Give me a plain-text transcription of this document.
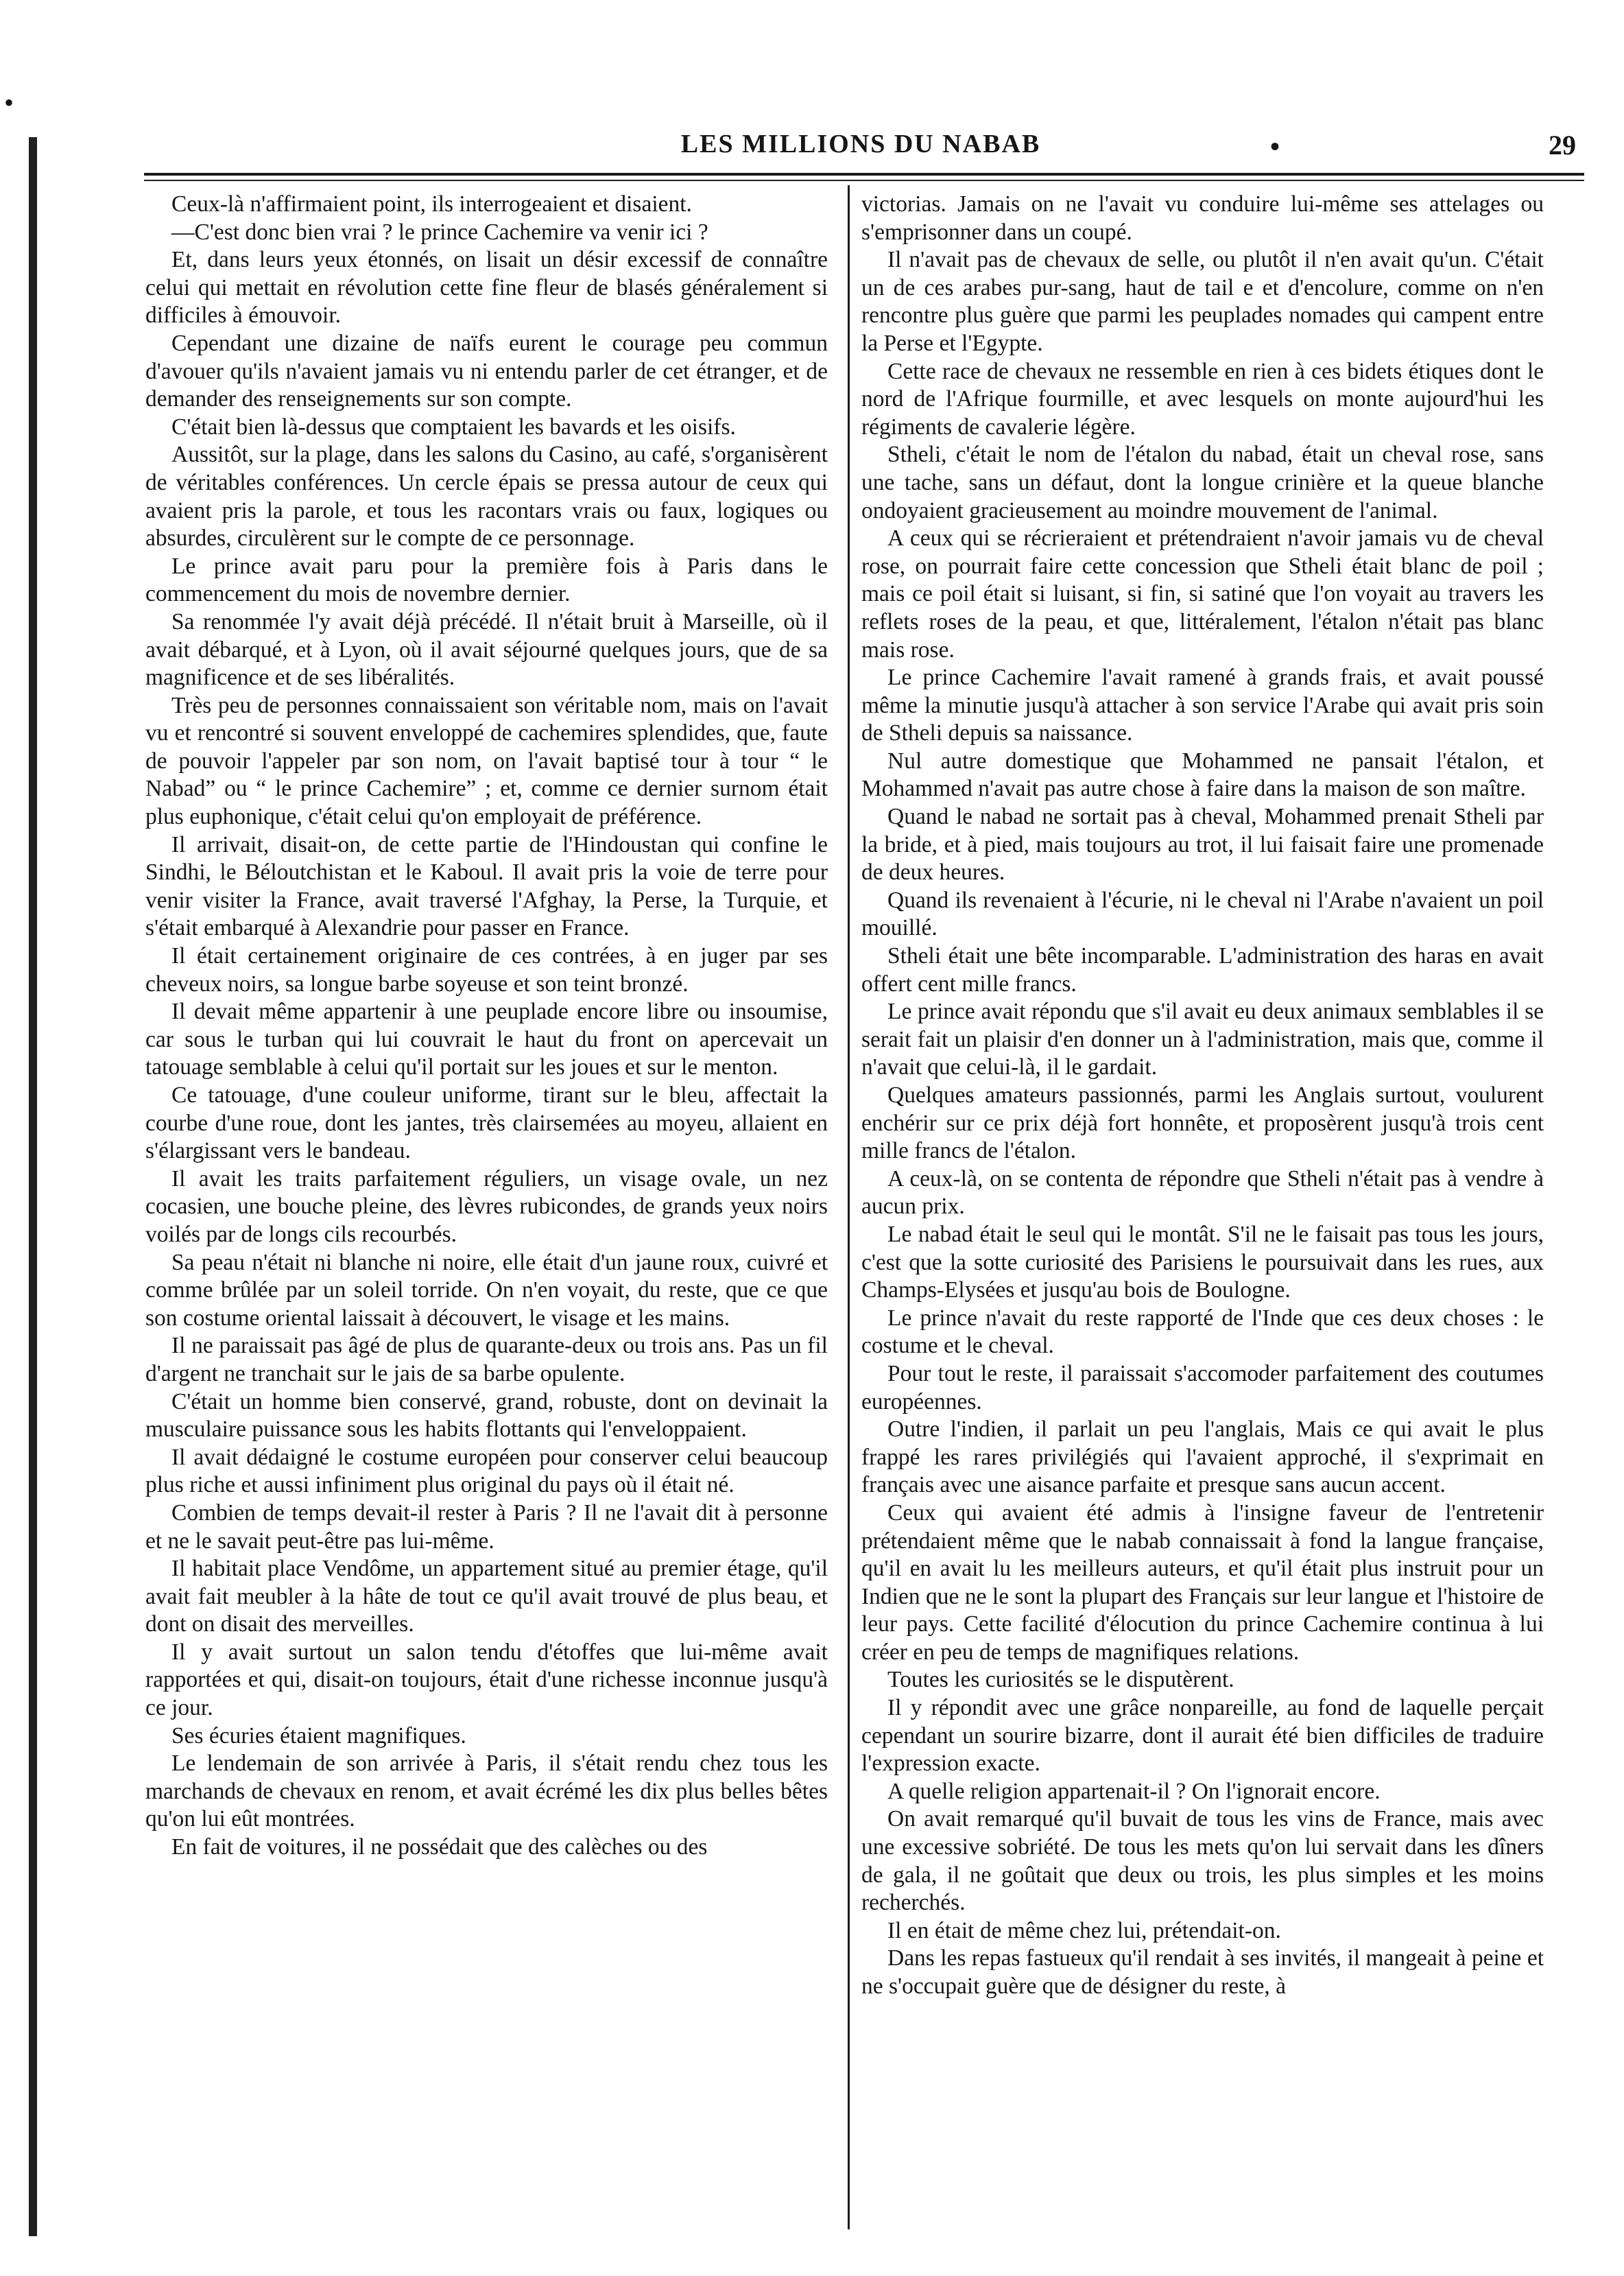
•
LES MILLIONS DU NABAB	•	29

Ceux-là n'affirmaient point, ils interrogeaient et disaient.

—C'est donc bien vrai ? le prince Cachemire va venir ici ?

Et, dans leurs yeux étonnés, on lisait un désir excessif de connaître celui qui mettait en révolution cette fine fleur de blasés généralement si difficiles à émouvoir.

Cependant une dizaine de naïfs eurent le courage peu commun d'avouer qu'ils n'avaient jamais vu ni entendu parler de cet étranger, et de demander des renseignements sur son compte.

C'était bien là-dessus que comptaient les bavards et les oisifs.

Aussitôt, sur la plage, dans les salons du Casino, au café, s'organisèrent de véritables conférences. Un cercle épais se pressa autour de ceux qui avaient pris la parole, et tous les racontars vrais ou faux, logiques ou absurdes, circulèrent sur le compte de ce personnage.

Le prince avait paru pour la première fois à Paris dans le commencement du mois de novembre dernier.

Sa renommée l'y avait déjà précédé. Il n'était bruit à Marseille, où il avait débarqué, et à Lyon, où il avait séjourné quelques jours, que de sa magnificence et de ses libéralités.

Très peu de personnes connaissaient son véritable nom, mais on l'avait vu et rencontré si souvent enveloppé de cachemires splendides, que, faute de pouvoir l'appeler par son nom, on l'avait baptisé tour à tour “ le Nabad” ou “ le prince Cachemire” ; et, comme ce dernier surnom était plus euphonique, c'était celui qu'on employait de préférence.

Il arrivait, disait-on, de cette partie de l'Hindoustan qui confine le Sindhi, le Béloutchistan et le Kaboul. Il avait pris la voie de terre pour venir visiter la France, avait traversé l'Afghay, la Perse, la Turquie, et s'était embarqué à Alexandrie pour passer en France.

Il était certainement originaire de ces contrées, à en juger par ses cheveux noirs, sa longue barbe soyeuse et son teint bronzé.

Il devait même appartenir à une peuplade encore libre ou insoumise, car sous le turban qui lui couvrait le haut du front on apercevait un tatouage semblable à celui qu'il portait sur les joues et sur le menton.

Ce tatouage, d'une couleur uniforme, tirant sur le bleu, affectait la courbe d'une roue, dont les jantes, très clairsemées au moyeu, allaient en s'élargissant vers le bandeau.

Il avait les traits parfaitement réguliers, un visage ovale, un nez cocasien, une bouche pleine, des lèvres rubicondes, de grands yeux noirs voilés par de longs cils recourbés.

Sa peau n'était ni blanche ni noire, elle était d'un jaune roux, cuivré et comme brûlée par un soleil torride. On n'en voyait, du reste, que ce que son costume oriental laissait à découvert, le visage et les mains.

Il ne paraissait pas âgé de plus de quarante-deux ou trois ans. Pas un fil d'argent ne tranchait sur le jais de sa barbe opulente.

C'était un homme bien conservé, grand, robuste, dont on devinait la musculaire puissance sous les habits flottants qui l'enveloppaient.

Il avait dédaigné le costume européen pour conserver celui beaucoup plus riche et aussi infiniment plus original du pays où il était né.

Combien de temps devait-il rester à Paris ? Il ne l'avait dit à personne et ne le savait peut-être pas lui-même.

Il habitait place Vendôme, un appartement situé au premier étage, qu'il avait fait meubler à la hâte de tout ce qu'il avait trouvé de plus beau, et dont on disait des merveilles.

Il y avait surtout un salon tendu d'étoffes que lui-même avait rapportées et qui, disait-on toujours, était d'une richesse inconnue jusqu'à ce jour.

Ses écuries étaient magnifiques.

Le lendemain de son arrivée à Paris, il s'était rendu chez tous les marchands de chevaux en renom, et avait écrémé les dix plus belles bêtes qu'on lui eût montrées.

En fait de voitures, il ne possédait que des calèches ou des

victorias. Jamais on ne l'avait vu conduire lui-même ses attelages ou s'emprisonner dans un coupé.

Il n'avait pas de chevaux de selle, ou plutôt il n'en avait qu'un. C'était un de ces arabes pur-sang, haut de tail e et d'encolure, comme on n'en rencontre plus guère que parmi les peuplades nomades qui campent entre la Perse et l'Egypte.

Cette race de chevaux ne ressemble en rien à ces bidets étiques dont le nord de l'Afrique fourmille, et avec lesquels on monte aujourd'hui les régiments de cavalerie légère.

Stheli, c'était le nom de l'étalon du nabad, était un cheval rose, sans une tache, sans un défaut, dont la longue crinière et la queue blanche ondoyaient gracieusement au moindre mouvement de l'animal.

A ceux qui se récrieraient et prétendraient n'avoir jamais vu de cheval rose, on pourrait faire cette concession que Stheli était blanc de poil ; mais ce poil était si luisant, si fin, si satiné que l'on voyait au travers les reflets roses de la peau, et que, littéralement, l'étalon n'était pas blanc mais rose.

Le prince Cachemire l'avait ramené à grands frais, et avait poussé même la minutie jusqu'à attacher à son service l'Arabe qui avait pris soin de Stheli depuis sa naissance.

Nul autre domestique que Mohammed ne pansait l'étalon, et Mohammed n'avait pas autre chose à faire dans la maison de son maître.

Quand le nabad ne sortait pas à cheval, Mohammed prenait Stheli par la bride, et à pied, mais toujours au trot, il lui faisait faire une promenade de deux heures.

Quand ils revenaient à l'écurie, ni le cheval ni l'Arabe n'avaient un poil mouillé.

Stheli était une bête incomparable. L'administration des haras en avait offert cent mille francs.

Le prince avait répondu que s'il avait eu deux animaux semblables il se serait fait un plaisir d'en donner un à l'administration, mais que, comme il n'avait que celui-là, il le gardait.

Quelques amateurs passionnés, parmi les Anglais surtout, voulurent enchérir sur ce prix déjà fort honnête, et proposèrent jusqu'à trois cent mille francs de l'étalon.

A ceux-là, on se contenta de répondre que Stheli n'était pas à vendre à aucun prix.

Le nabad était le seul qui le montât. S'il ne le faisait pas tous les jours, c'est que la sotte curiosité des Parisiens le poursuivait dans les rues, aux Champs-Elysées et jusqu'au bois de Boulogne.

Le prince n'avait du reste rapporté de l'Inde que ces deux choses : le costume et le cheval.

Pour tout le reste, il paraissait s'accomoder parfaitement des coutumes européennes.

Outre l'indien, il parlait un peu l'anglais, Mais ce qui avait le plus frappé les rares privilégiés qui l'avaient approché, il s'exprimait en français avec une aisance parfaite et presque sans aucun accent.

Ceux qui avaient été admis à l'insigne faveur de l'entretenir prétendaient même que le nabab connaissait à fond la langue française, qu'il en avait lu les meilleurs auteurs, et qu'il était plus instruit pour un Indien que ne le sont la plupart des Français sur leur langue et l'histoire de leur pays. Cette facilité d'élocution du prince Cachemire continua à lui créer en peu de temps de magnifiques relations.

Toutes les curiosités se le disputèrent.

Il y répondit avec une grâce nonpareille, au fond de laquelle perçait cependant un sourire bizarre, dont il aurait été bien difficiles de traduire l'expression exacte.

A quelle religion appartenait-il ? On l'ignorait encore.

On avait remarqué qu'il buvait de tous les vins de France, mais avec une excessive sobriété. De tous les mets qu'on lui servait dans les dîners de gala, il ne goûtait que deux ou trois, les plus simples et les moins recherchés.

Il en était de même chez lui, prétendait-on.

Dans les repas fastueux qu'il rendait à ses invités, il mangeait à peine et ne s'occupait guère que de désigner du reste, à
